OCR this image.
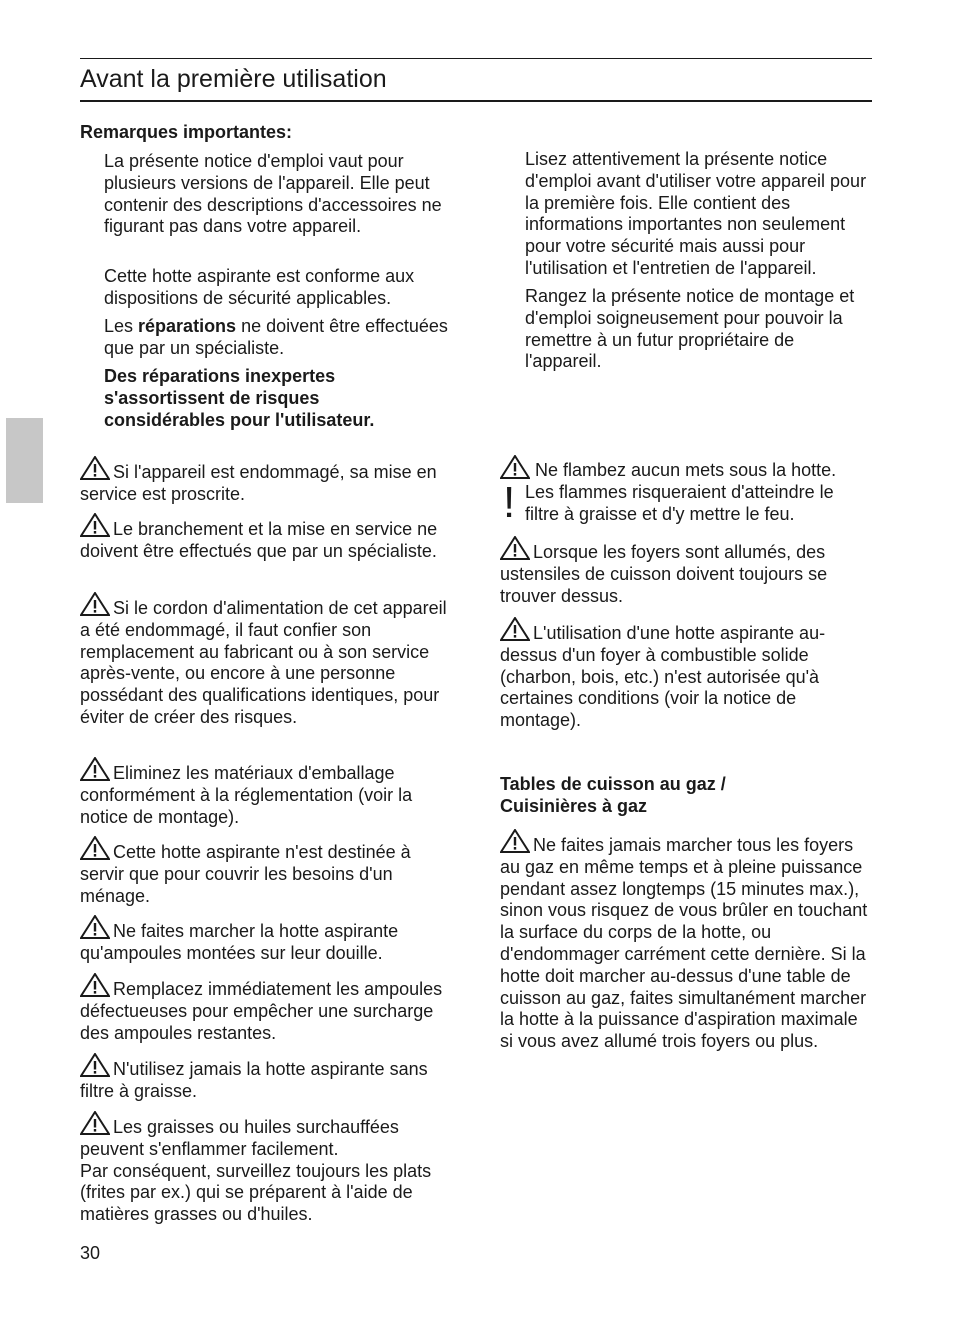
Avant la première utilisation
Remarques importantes:

La présente notice d'emploi vaut pour plusieurs versions de l'appareil. Elle peut contenir des descriptions d'accessoires ne figurant pas dans votre appareil.

Cette hotte aspirante est conforme aux dispositions de sécurité applicables.

Les réparations ne doivent être effectuées que par un spécialiste.

Des réparations inexpertes s'assortissent de risques considérables pour l'utilisateur.

Lisez attentivement la présente notice d'emploi avant d'utiliser votre appareil pour la première fois. Elle contient des informations importantes non seulement pour votre sécurité mais aussi pour l'utilisation et l'entretien de l'appareil.

Rangez la présente notice de montage et d'emploi soigneusement pour pouvoir la remettre à un futur propriétaire de l'appareil.

Si l'appareil est endommagé, sa mise en service est proscrite.

Le branchement et la mise en service ne doivent être effectués que par un spécialiste.

Si le cordon d'alimentation de cet appareil a été endommagé, il faut confier son remplacement au fabricant ou à son service après-vente, ou encore à une personne possédant des qualifications identiques, pour éviter de créer des risques.

Eliminez les matériaux d'emballage conformément à la réglementation (voir la notice de montage).

Cette hotte aspirante n'est destinée à servir que pour couvrir les besoins d'un ménage.

Ne faites marcher la hotte aspirante qu'ampoules montées sur leur douille.

Remplacez immédiatement les ampoules défectueuses pour empêcher une surcharge des ampoules restantes.

N'utilisez jamais la hotte aspirante sans filtre à graisse.

Les graisses ou huiles surchauffées peuvent s'enflammer facilement.
Par conséquent, surveillez toujours les plats (frites par ex.) qui se préparent à l'aide de matières grasses ou d'huiles.

!

Ne flambez aucun mets sous la hotte.

Les flammes risqueraient d'atteindre le filtre à graisse et d'y mettre le feu.

Lorsque les foyers sont allumés, des ustensiles de cuisson doivent toujours se trouver dessus.

L'utilisation d'une hotte aspirante au-dessus d'un foyer à combustible solide (charbon, bois, etc.) n'est autorisée qu'à certaines conditions (voir la notice de montage).

Tables de cuisson au gaz /
Cuisinières à gaz

Ne faites jamais marcher tous les foyers au gaz en même temps et à pleine puissance pendant assez longtemps (15 minutes max.), sinon vous risquez de vous brûler en touchant la surface du corps de la hotte, ou d'endommager carrément cette dernière. Si la hotte doit marcher au-dessus d'une table de cuisson au gaz, faites simultanément marcher la hotte à la puissance d'aspiration maximale si vous avez allumé trois foyers ou plus.

30
